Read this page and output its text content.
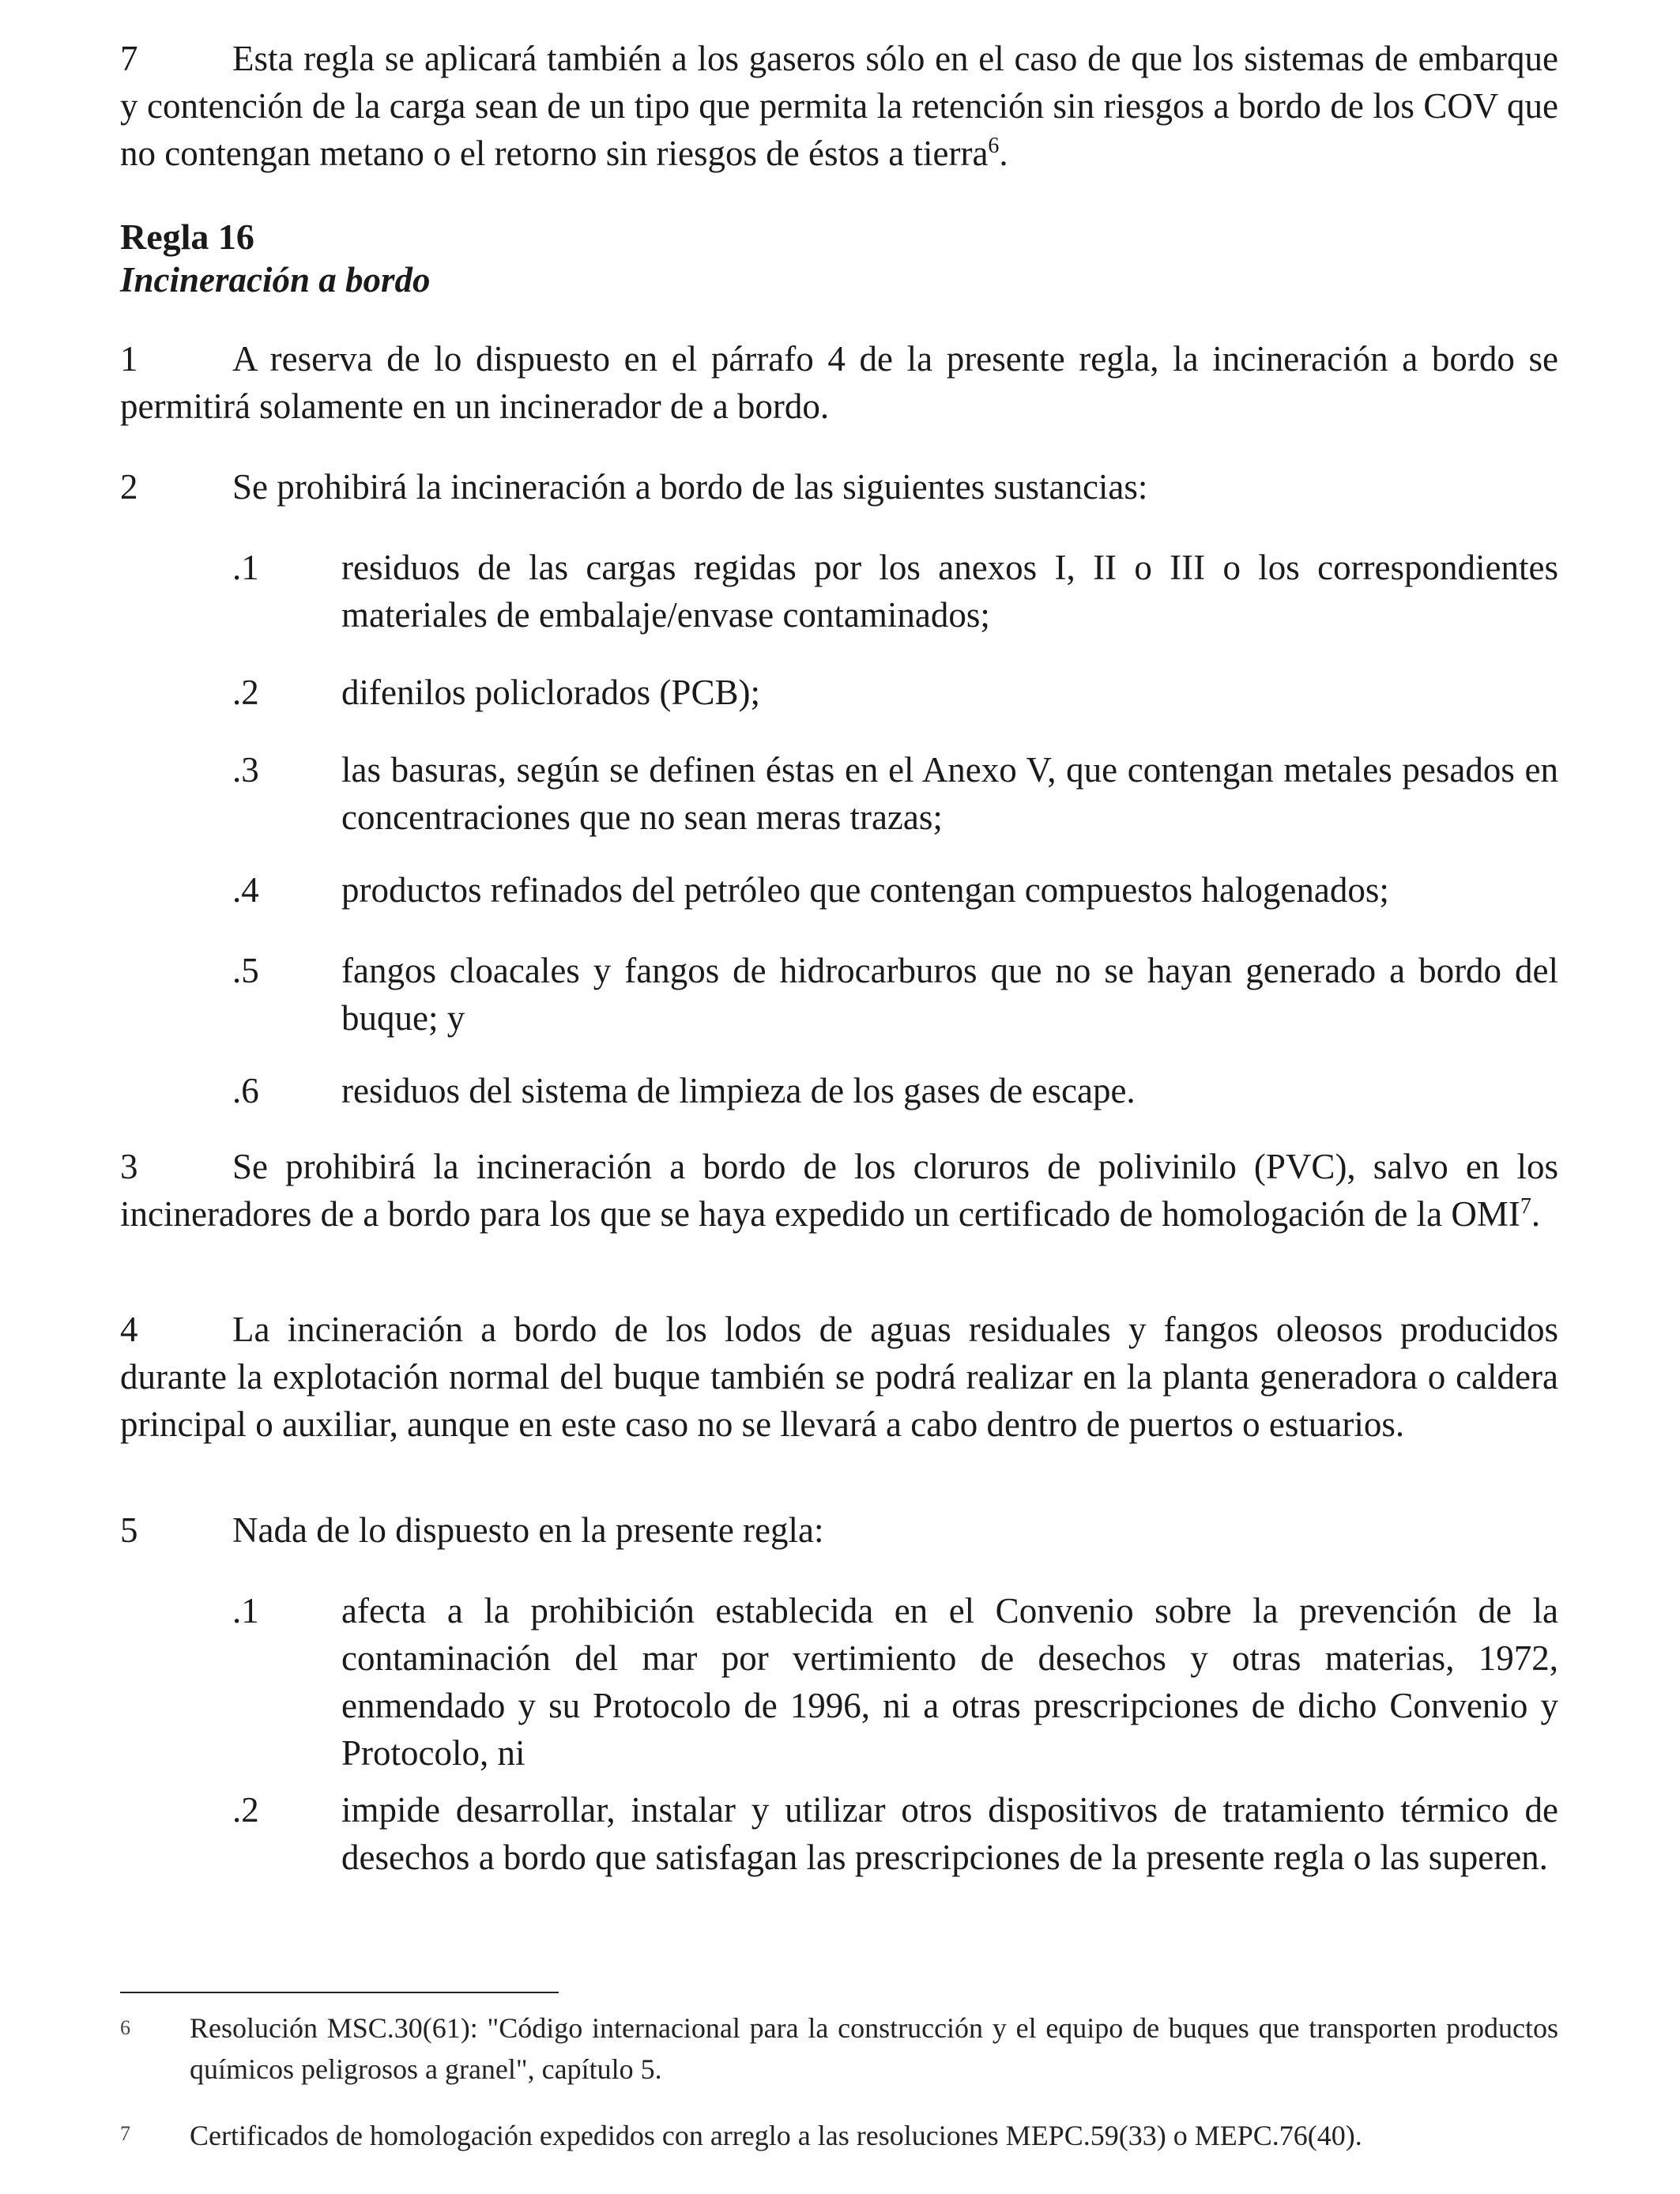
7	Esta regla se aplicará también a los gaseros sólo en el caso de que los sistemas de embarque y contención de la carga sean de un tipo que permita la retención sin riesgos a bordo de los COV que no contengan metano o el retorno sin riesgos de éstos a tierra$^6$.
Regla 16
Incineración a bordo
1	A reserva de lo dispuesto en el párrafo 4 de la presente regla, la incineración a bordo se permitirá solamente en un incinerador de a bordo.
2	Se prohibirá la incineración a bordo de las siguientes sustancias:
.1 residuos de las cargas regidas por los anexos I, II o III o los correspondientes materiales de embalaje/envase contaminados;
.2 difenilos policlorados (PCB);
.3 las basuras, según se definen éstas en el Anexo V, que contengan metales pesados en concentraciones que no sean meras trazas;
.4 productos refinados del petróleo que contengan compuestos halogenados;
.5 fangos cloacales y fangos de hidrocarburos que no se hayan generado a bordo del buque; y
.6 residuos del sistema de limpieza de los gases de escape.
3	Se prohibirá la incineración a bordo de los cloruros de polivinilo (PVC), salvo en los incineradores de a bordo para los que se haya expedido un certificado de homologación de la OMI$^7$.
4	La incineración a bordo de los lodos de aguas residuales y fangos oleosos producidos durante la explotación normal del buque también se podrá realizar en la planta generadora o caldera principal o auxiliar, aunque en este caso no se llevará a cabo dentro de puertos o estuarios.
5	Nada de lo dispuesto en la presente regla:
.1 afecta a la prohibición establecida en el Convenio sobre la prevención de la contaminación del mar por vertimiento de desechos y otras materias, 1972, enmendado y su Protocolo de 1996, ni a otras prescripciones de dicho Convenio y Protocolo, ni
.2 impide desarrollar, instalar y utilizar otros dispositivos de tratamiento térmico de desechos a bordo que satisfagan las prescripciones de la presente regla o las superen.
6 Resolución MSC.30(61): "Código internacional para la construcción y el equipo de buques que transporten productos químicos peligrosos a granel", capítulo 5.
7 Certificados de homologación expedidos con arreglo a las resoluciones MEPC.59(33) o MEPC.76(40).
